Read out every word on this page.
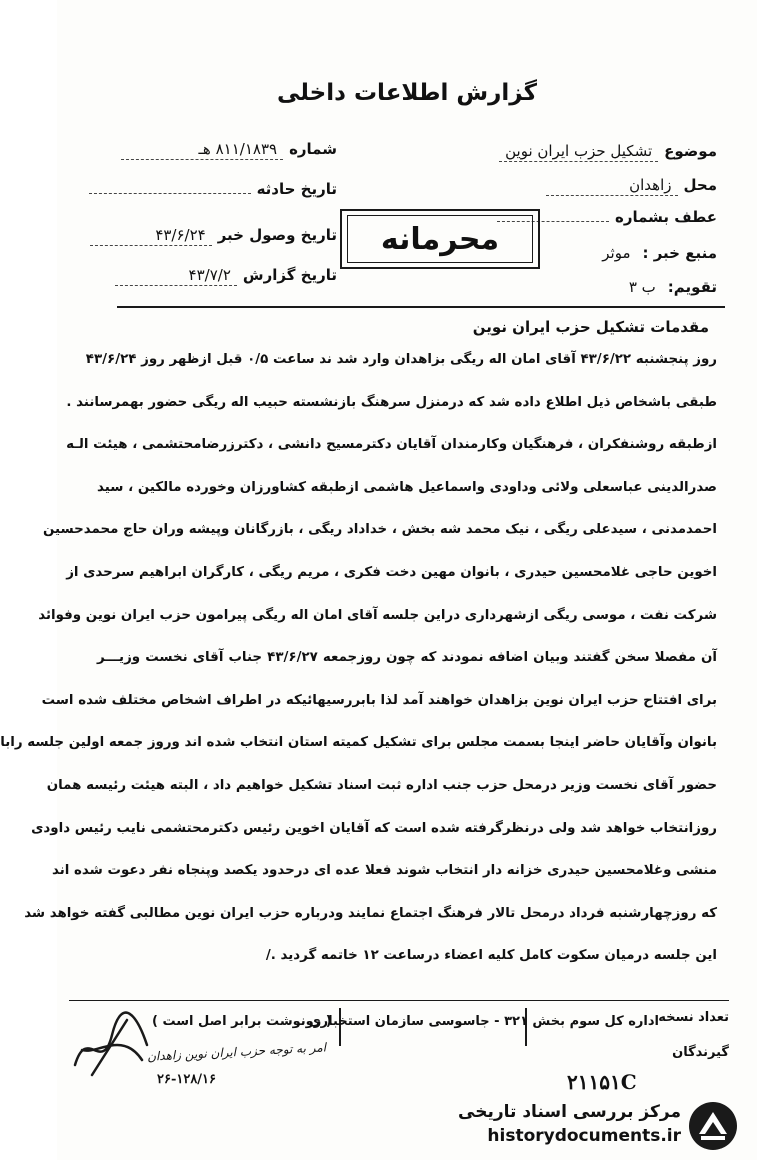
گزارش اطلاعات داخلی
موضوع
تشکیل حزب ایران نوین
محل
زاهدان
عطف بشماره
منبع خبر :
موثر
تقویم:
ب ۳
شماره
۸۱۱/۱۸۳۹ هـ
تاریخ حادثه
تاریخ وصول خبر
۴۳/۶/۲۴
تاریخ گزارش
۴۳/۷/۲
محرمانه
مقدمات تشکیل حزب ایران نوین
روز پنجشنبه ۴۳/۶/۲۲ آقای امان اله ریگی بزاهدان وارد شد ند ساعت ۰/۵ قبل ازظهر روز ۴۳/۶/۲۴
طبقی باشخاص ذیل اطلاع داده شد که درمنزل سرهنگ بازنشسته حبیب اله ریگی حضور بهمرسانند .
ازطبقه روشنفکران ، فرهنگیان وکارمندان آقایان دکترمسیح دانشی ، دکترزرضامحتشمی ، هیئت الـه
صدرالدینی عباسعلی ولائی وداودی واسماعیل هاشمی ازطبقه کشاورزان وخورده مالکین ، سید
احمدمدنی ، سیدعلی ریگی ، نیک محمد شه بخش ، خداداد ریگی ، بازرگانان وپیشه وران حاج محمدحسین
اخوین حاجی غلامحسین حیدری ، بانوان مهین دخت فکری ، مریم ریگی ، کارگران ابراهیم سرحدی از
شرکت نفت ، موسی ریگی ازشهرداری دراین جلسه آقای امان اله ریگی پیرامون حزب ایران نوین وفوائد
آن مفصلا سخن گفتند وبیان اضافه نمودند که چون روزجمعه ۴۳/۶/۲۷ جناب آقای نخست وزیـــر
برای افتتاح حزب ایران نوین بزاهدان خواهند آمد لذا بابررسیهائیکه در اطراف اشخاص مختلف شده است
بانوان وآقایان حاضر اینجا بسمت مجلس برای تشکیل کمیته استان انتخاب شده اند وروز جمعه اولین جلسه رابا
حضور آقای نخست وزیر درمحل حزب جنب اداره ثبت اسناد تشکیل خواهیم داد ، البته هیئت رئیسه همان
روزانتخاب خواهد شد ولی درنظرگرفته شده است که آقایان اخوین رئیس دکترمحتشمی نایب رئیس داودی
منشی وغلامحسین حیدری خزانه دار انتخاب شوند فعلا عده ای درحدود یکصد وپنجاه نفر دعوت شده اند
که روزچهارشنبه فرداد درمحل تالار فرهنگ اجتماع نمایند ودرباره حزب ایران نوین مطالبی گفته خواهد شد
این جلسه درمیان سکوت کامل کلیه اعضاء درساعت ۱۲ خاتمه گردید ./
تعداد نسخه
گیرندگان
اداره کل سوم بخش ۳۲۱ - جاسوسی سازمان استخباری
( رونوشت برابر اصل است )
امر به توجه حزب ایران نوین زاهدان
۲۶-۱۲۸/۱۶	۲۱۱۵۱C
مرکز بررسی اسناد تاریخی
historydocuments.ir
